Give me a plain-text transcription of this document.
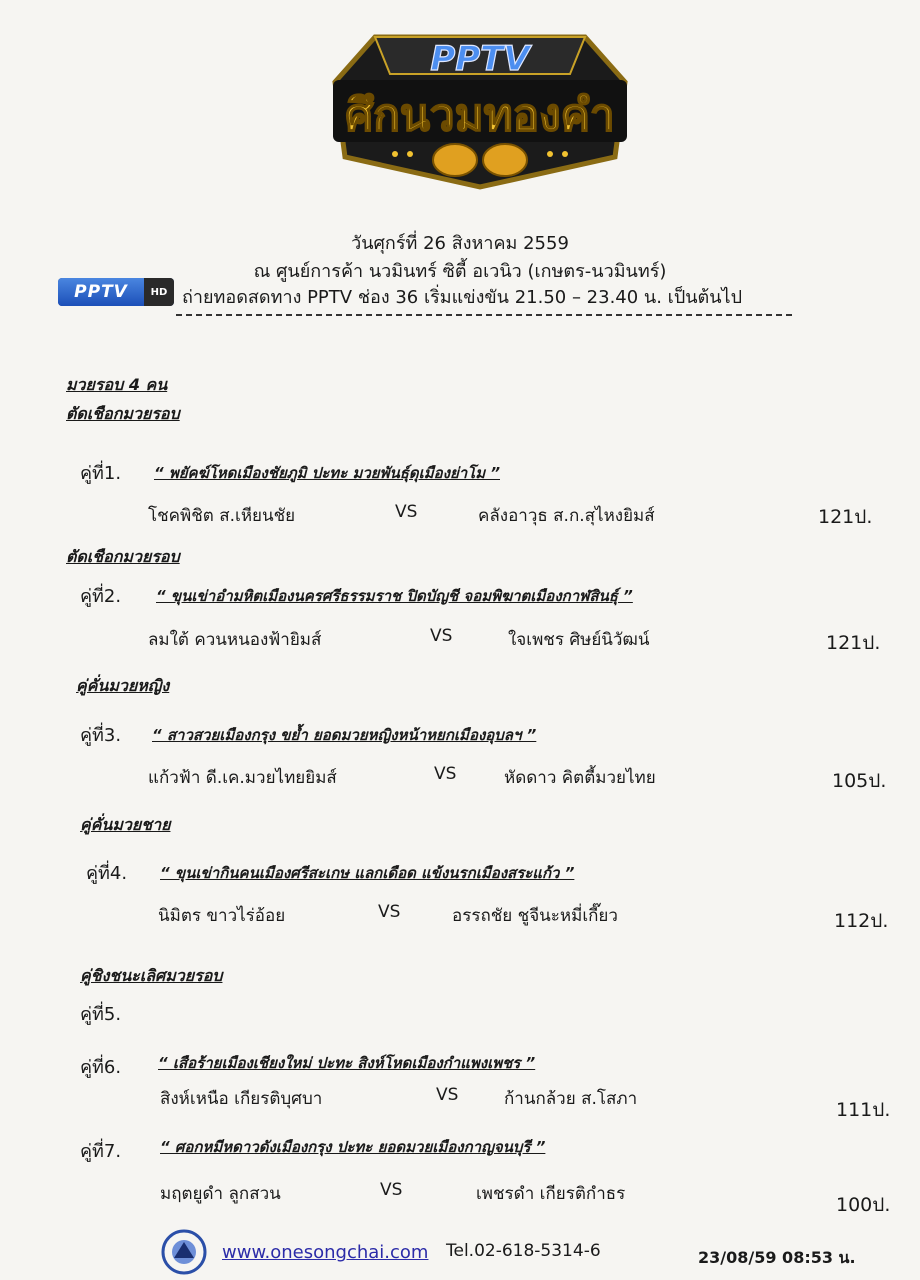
PPTV
ศึกนวมทองคำ
วันศุกร์ที่ 26 สิงหาคม 2559
ณ ศูนย์การค้า นวมินทร์ ซิตี้ อเวนิว (เกษตร-นวมินทร์)
PPTV	HD ถ่ายทอดสดทาง PPTV ช่อง 36 เริ่มแข่งขัน 21.50 – 23.40 น. เป็นต้นไป
มวยรอบ 4 คน
ตัดเชือกมวยรอบ
คู่ที่1. “ พยัคฆ์โหดเมืองชัยภูมิ ปะทะ มวยพันธุ์ดุเมืองย่าโม ”
โชคพิชิต ส.เหียนชัย	VS	คลังอาวุธ ส.ก.สุไหงยิมส์	121ป.
ตัดเชือกมวยรอบ
คู่ที่2. “ ขุนเข่าอำมหิตเมืองนครศรีธรรมราช ปิดบัญชี จอมพิฆาตเมืองกาฬสินธุ์ ”
ลมใต้ ควนหนองฟ้ายิมส์	VS	ใจเพชร ศิษย์นิวัฒน์	121ป.
คู่คั่นมวยหญิง
คู่ที่3. “ สาวสวยเมืองกรุง ขย้ำ ยอดมวยหญิงหน้าหยกเมืองอุบลฯ ”
แก้วฟ้า ดี.เค.มวยไทยยิมส์	VS	หัดดาว คิตตี้มวยไทย	105ป.
คู่คั่นมวยชาย
คู่ที่4. “ ขุนเข่ากินคนเมืองศรีสะเกษ แลกเดือด แข้งนรกเมืองสระแก้ว ”
นิมิตร ขาวไร่อ้อย	VS	อรรถชัย ชูจีนะหมี่เกี๊ยว	112ป.
คู่ชิงชนะเลิศมวยรอบ
คู่ที่5.
คู่ที่6. “ เสือร้ายเมืองเชียงใหม่ ปะทะ สิงห์โหดเมืองกำแพงเพชร ”
สิงห์เหนือ เกียรติบุศบา	VS	ก้านกล้วย ส.โสภา	111ป.
คู่ที่7.	“ ศอกหมีหดาวดังเมืองกรุง ปะทะ ยอดมวยเมืองกาญจนบุรี ”
มฤตยูดำ ลูกสวน	VS	เพชรดำ เกียรติกำธร	100ป.
www.onesongchai.com Tel.02-618-5314-6	23/08/59 08:53 น.
